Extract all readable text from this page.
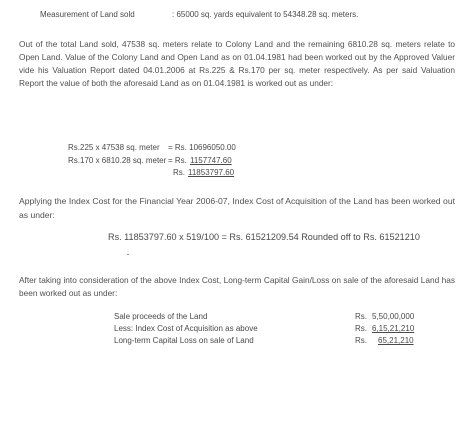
Measurement of Land sold	: 65000 sq. yards equivalent to 54348.28 sq. meters.
Out of the total Land sold, 47538 sq. meters relate to Colony Land and the remaining 6810.28 sq. meters relate to Open Land. Value of the Colony Land and Open Land as on 01.04.1981 had been worked out by the Approved Valuer vide his Valuation Report dated 04.01.2006 at Rs.225 & Rs.170 per sq. meter respectively. As per said Valuation Report the value of both the aforesaid Land as on 01.04.1981 is worked out as under:
Rs.225 x 47538 sq. meter = Rs. 10696050.00
Rs.170 x 6810.28 sq. meter = Rs. 1157747.60
Rs. 11853797.60
Applying the Index Cost for the Financial Year 2006-07, Index Cost of Acquisition of the Land has been worked out as under:
Rs. 11853797.60 x 519/100 = Rs. 61521209.54 Rounded off to Rs. 61521210
After taking into consideration of the above Index Cost, Long-term Capital Gain/Loss on sale of the aforesaid Land has been worked out as under:
Sale proceeds of the Land	Rs. 5,50,00,000
Less: Index Cost of Acquisition as above	Rs. 6,15,21,210
Long-term Capital Loss on sale of Land	Rs. 65,21,210
